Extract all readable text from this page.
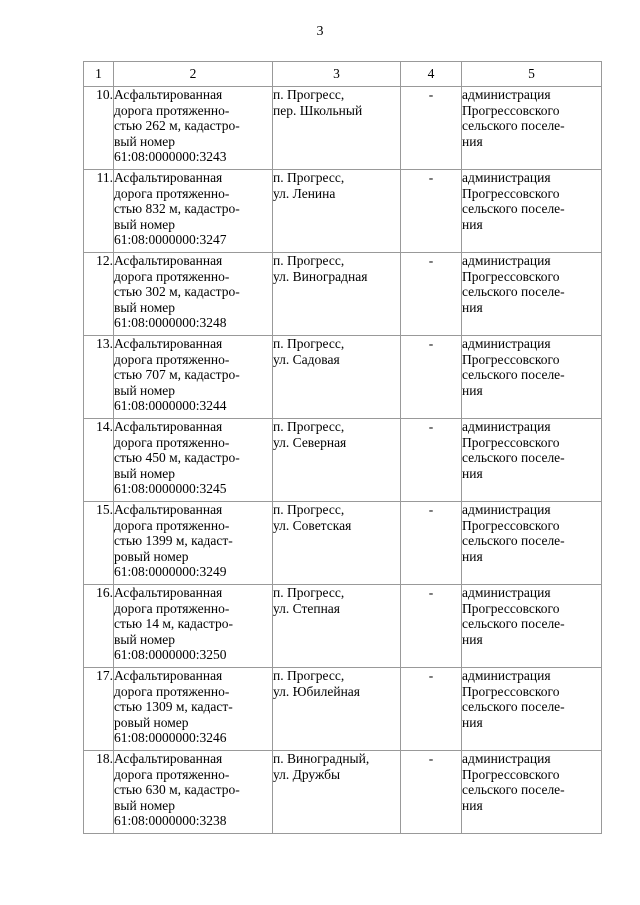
3
1	2	3	4	5
10.	Асфальтированная
дорога протяженно-
стью 262 м, кадастро-
вый номер
61:08:0000000:3243	п. Прогресс,
пер. Школьный	-	администрация
Прогрессовского
сельского поселе-
ния

11.	Асфальтированная
дорога протяженно-
стью 832 м, кадастро-
вый номер
61:08:0000000:3247	п. Прогресс,
ул. Ленина	-	администрация
Прогрессовского
сельского поселе-
ния

12.	Асфальтированная
дорога протяженно-
стью 302 м, кадастро-
вый номер
61:08:0000000:3248	п. Прогресс,
ул. Виноградная	-	администрация
Прогрессовского
сельского поселе-
ния

13.	Асфальтированная
дорога протяженно-
стью 707 м, кадастро-
вый номер
61:08:0000000:3244	п. Прогресс,
ул. Садовая	-	администрация
Прогрессовского
сельского поселе-
ния

14.	Асфальтированная
дорога протяженно-
стью 450 м, кадастро-
вый номер
61:08:0000000:3245	п. Прогресс,
ул. Северная	-	администрация
Прогрессовского
сельского поселе-
ния

15.	Асфальтированная
дорога протяженно-
стью 1399 м, кадаст-
ровый номер
61:08:0000000:3249	п. Прогресс,
ул. Советская	-	администрация
Прогрессовского
сельского поселе-
ния

16.	Асфальтированная
дорога протяженно-
стью 14 м, кадастро-
вый номер
61:08:0000000:3250	п. Прогресс,
ул. Степная	-	администрация
Прогрессовского
сельского поселе-
ния

17.	Асфальтированная
дорога протяженно-
стью 1309 м, кадаст-
ровый номер
61:08:0000000:3246	п. Прогресс,
ул. Юбилейная	-	администрация
Прогрессовского
сельского поселе-
ния

18.	Асфальтированная
дорога протяженно-
стью 630 м, кадастро-
вый номер
61:08:0000000:3238	п. Виноградный,
ул. Дружбы	-	администрация
Прогрессовского
сельского поселе-
ния
